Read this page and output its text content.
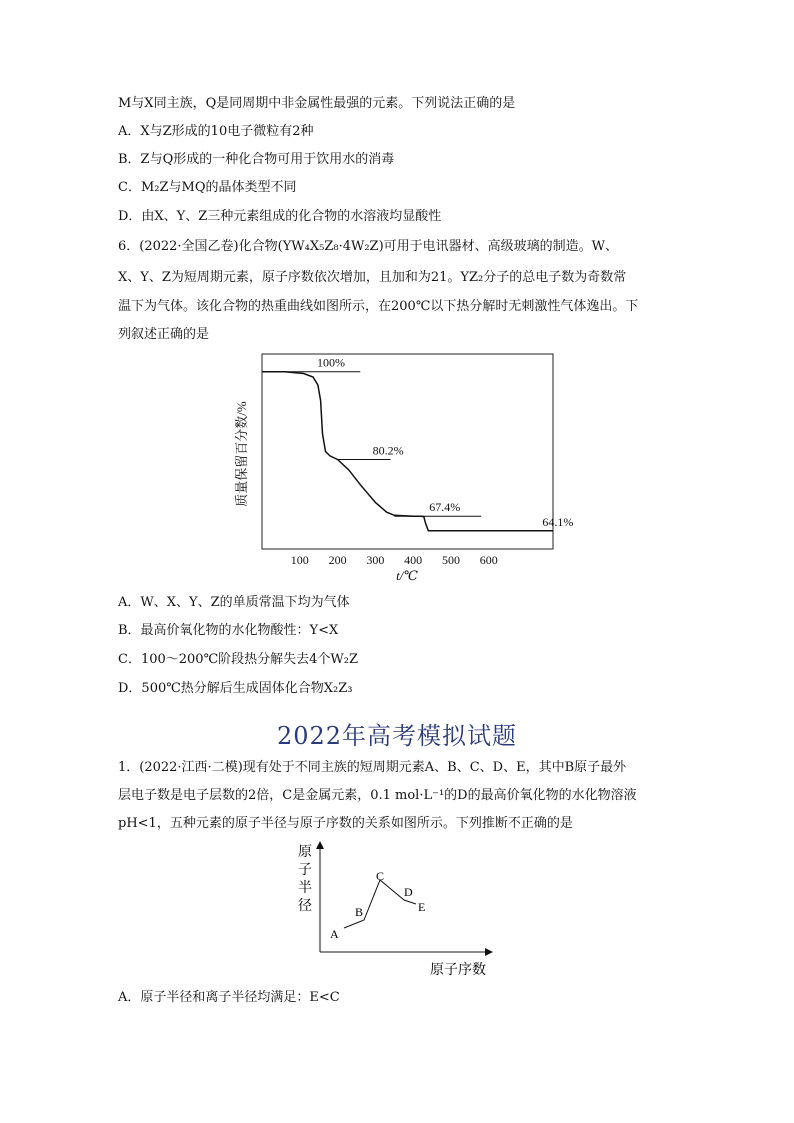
M与X同主族，Q是同周期中非金属性最强的元素。下列说法正确的是
A．X与Z形成的10电子微粒有2种
B．Z与Q形成的一种化合物可用于饮用水的消毒
C．M₂Z与MQ的晶体类型不同
D．由X、Y、Z三种元素组成的化合物的水溶液均显酸性
6．(2022·全国乙卷)化合物(YW₄X₅Z₈·4W₂Z)可用于电讯器材、高级玻璃的制造。W、
X、Y、Z为短周期元素，原子序数依次增加，且加和为21。YZ₂分子的总电子数为奇数常
温下为气体。该化合物的热重曲线如图所示，在200℃以下热分解时无刺激性气体逸出。下
列叙述正确的是
100%
80.2%
67.4%
64.1%
100 200 300 400 500 600
质量保留百分数/%
t/℃
A．W、X、Y、Z的单质常温下均为气体
B．最高价氧化物的水化物酸性：Y<X
C．100～200℃阶段热分解失去4个W₂Z
D．500℃热分解后生成固体化合物X₂Z₃
2022年高考模拟试题
1．(2022·江西·二模)现有处于不同主族的短周期元素A、B、C、D、E，其中B原子最外
层电子数是电子层数的2倍，C是金属元素，0.1 mol·L⁻¹的D的最高价氧化物的水化物溶液
pH<1，五种元素的原子半径与原子序数的关系如图所示。下列推断不正确的是
原
子
半
径
A
B
C
D
E
原子序数
A．原子半径和离子半径均满足：E<C
